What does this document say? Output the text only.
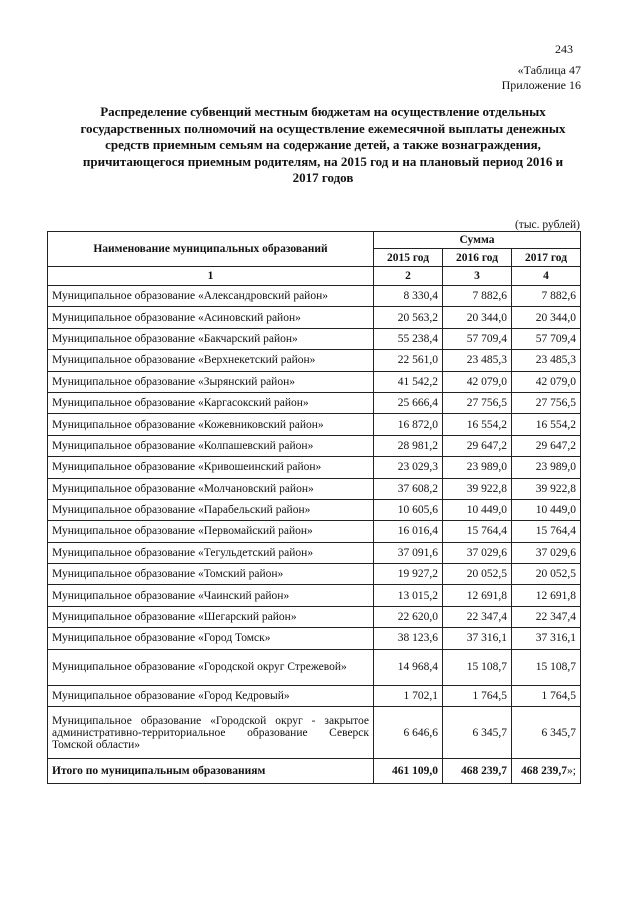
243
«Таблица 47
Приложение 16
Распределение субвенций местным бюджетам на осуществление отдельных государственных полномочий на осуществление ежемесячной выплаты денежных средств приемным семьям на содержание детей, а также вознаграждения, причитающегося приемным родителям, на 2015 год и на плановый период 2016 и 2017 годов
(тыс. рублей)
Наименование муниципальных образований	Сумма		
	2015 год	2016 год	2017 год
1	2	3	4
Муниципальное образование «Александровский район»	8 330,4	7 882,6	7 882,6
Муниципальное образование «Асиновский район»	20 563,2	20 344,0	20 344,0
Муниципальное образование «Бакчарский район»	55 238,4	57 709,4	57 709,4
Муниципальное образование «Верхнекетский район»	22 561,0	23 485,3	23 485,3
Муниципальное образование «Зырянский район»	41 542,2	42 079,0	42 079,0
Муниципальное образование «Каргасокский район»	25 666,4	27 756,5	27 756,5
Муниципальное образование «Кожевниковский район»	16 872,0	16 554,2	16 554,2
Муниципальное образование «Колпашевский район»	28 981,2	29 647,2	29 647,2
Муниципальное образование «Кривошеинский район»	23 029,3	23 989,0	23 989,0
Муниципальное образование «Молчановский район»	37 608,2	39 922,8	39 922,8
Муниципальное образование «Парабельский район»	10 605,6	10 449,0	10 449,0
Муниципальное образование «Первомайский район»	16 016,4	15 764,4	15 764,4
Муниципальное образование «Тегульдетский район»	37 091,6	37 029,6	37 029,6
Муниципальное образование «Томский район»	19 927,2	20 052,5	20 052,5
Муниципальное образование «Чаинский район»	13 015,2	12 691,8	12 691,8
Муниципальное образование «Шегарский район»	22 620,0	22 347,4	22 347,4
Муниципальное образование «Город Томск»	38 123,6	37 316,1	37 316,1
Муниципальное образование «Городской округ Стрежевой»	14 968,4	15 108,7	15 108,7
Муниципальное образование «Город Кедровый»	1 702,1	1 764,5	1 764,5
Муниципальное образование «Городской округ - закрытое административно-территориальное образование Северск Томской области»	6 646,6	6 345,7	6 345,7
Итого по муниципальным образованиям	461 109,0	468 239,7	468 239,7»;
